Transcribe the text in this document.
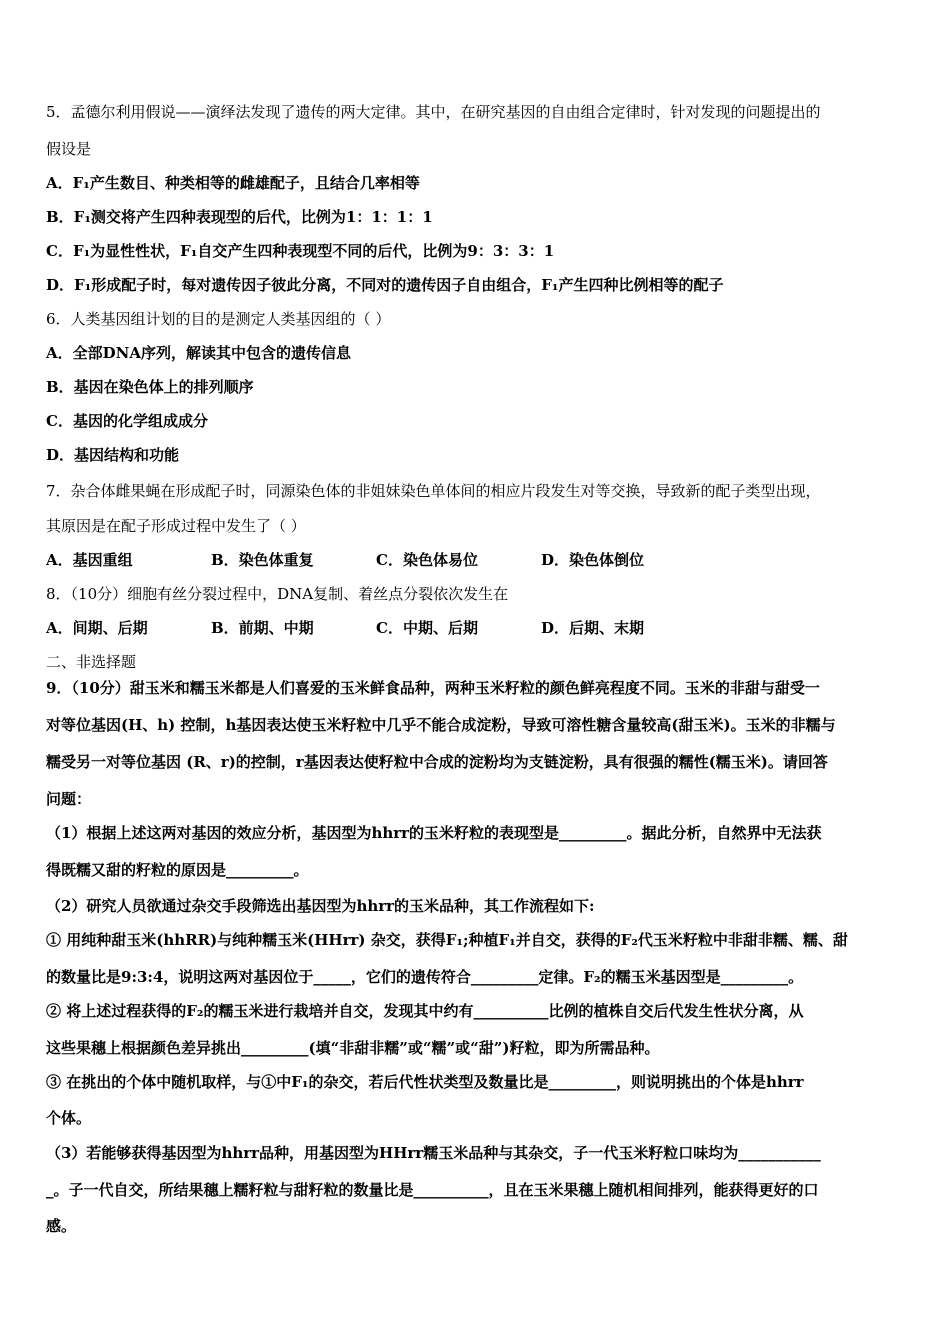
5．孟德尔利用假说——演绎法发现了遗传的两大定律。其中，在研究基因的自由组合定律时，针对发现的问题提出的
假设是
A．F₁产生数目、种类相等的雌雄配子，且结合几率相等
B．F₁测交将产生四种表现型的后代，比例为1：1：1：1
C．F₁为显性性状，F₁自交产生四种表现型不同的后代，比例为9：3：3：1
D．F₁形成配子时，每对遗传因子彼此分离，不同对的遗传因子自由组合，F₁产生四种比例相等的配子
6．人类基因组计划的目的是测定人类基因组的（ ）
A．全部DNA序列，解读其中包含的遗传信息
B．基因在染色体上的排列顺序
C．基因的化学组成成分
D．基因结构和功能
7．杂合体雌果蝇在形成配子时，同源染色体的非姐妹染色单体间的相应片段发生对等交换，导致新的配子类型出现，
其原因是在配子形成过程中发生了（ ）
A．基因重组	B．染色体重复	C．染色体易位	D．染色体倒位
8．（10分）细胞有丝分裂过程中，DNA复制、着丝点分裂依次发生在
A．间期、后期	B．前期、中期	C．中期、后期	D．后期、末期
二、非选择题
9．（10分）甜玉米和糯玉米都是人们喜爱的玉米鲜食品种，两种玉米籽粒的颜色鲜亮程度不同。玉米的非甜与甜受一
对等位基因(H、h) 控制，h基因表达使玉米籽粒中几乎不能合成淀粉，导致可溶性糖含量较高(甜玉米)。玉米的非糯与
糯受另一对等位基因 (R、r)的控制，r基因表达使籽粒中合成的淀粉均为支链淀粉，具有很强的糯性(糯玉米)。请回答
问题：
（1）根据上述这两对基因的效应分析，基因型为hhrr的玉米籽粒的表现型是_________。据此分析，自然界中无法获
得既糯又甜的籽粒的原因是_________。
（2）研究人员欲通过杂交手段筛选出基因型为hhrr的玉米品种，其工作流程如下:
① 用纯种甜玉米(hhRR)与纯种糯玉米(HHrr) 杂交，获得F₁;种植F₁并自交，获得的F₂代玉米籽粒中非甜非糯、糯、甜
的数量比是9:3:4，说明这两对基因位于_____，它们的遗传符合_________定律。F₂的糯玉米基因型是_________。
② 将上述过程获得的F₂的糯玉米进行栽培并自交，发现其中约有__________比例的植株自交后代发生性状分离，从
这些果穗上根据颜色差异挑出_________(填“非甜非糯”或“糯”或“甜”)籽粒，即为所需品种。
③ 在挑出的个体中随机取样，与①中F₁的杂交，若后代性状类型及数量比是_________，则说明挑出的个体是hhrr
个体。
（3）若能够获得基因型为hhrr品种，用基因型为HHrr糯玉米品种与其杂交，子一代玉米籽粒口味均为___________
_。子一代自交，所结果穗上糯籽粒与甜籽粒的数量比是__________，且在玉米果穗上随机相间排列，能获得更好的口
感。
